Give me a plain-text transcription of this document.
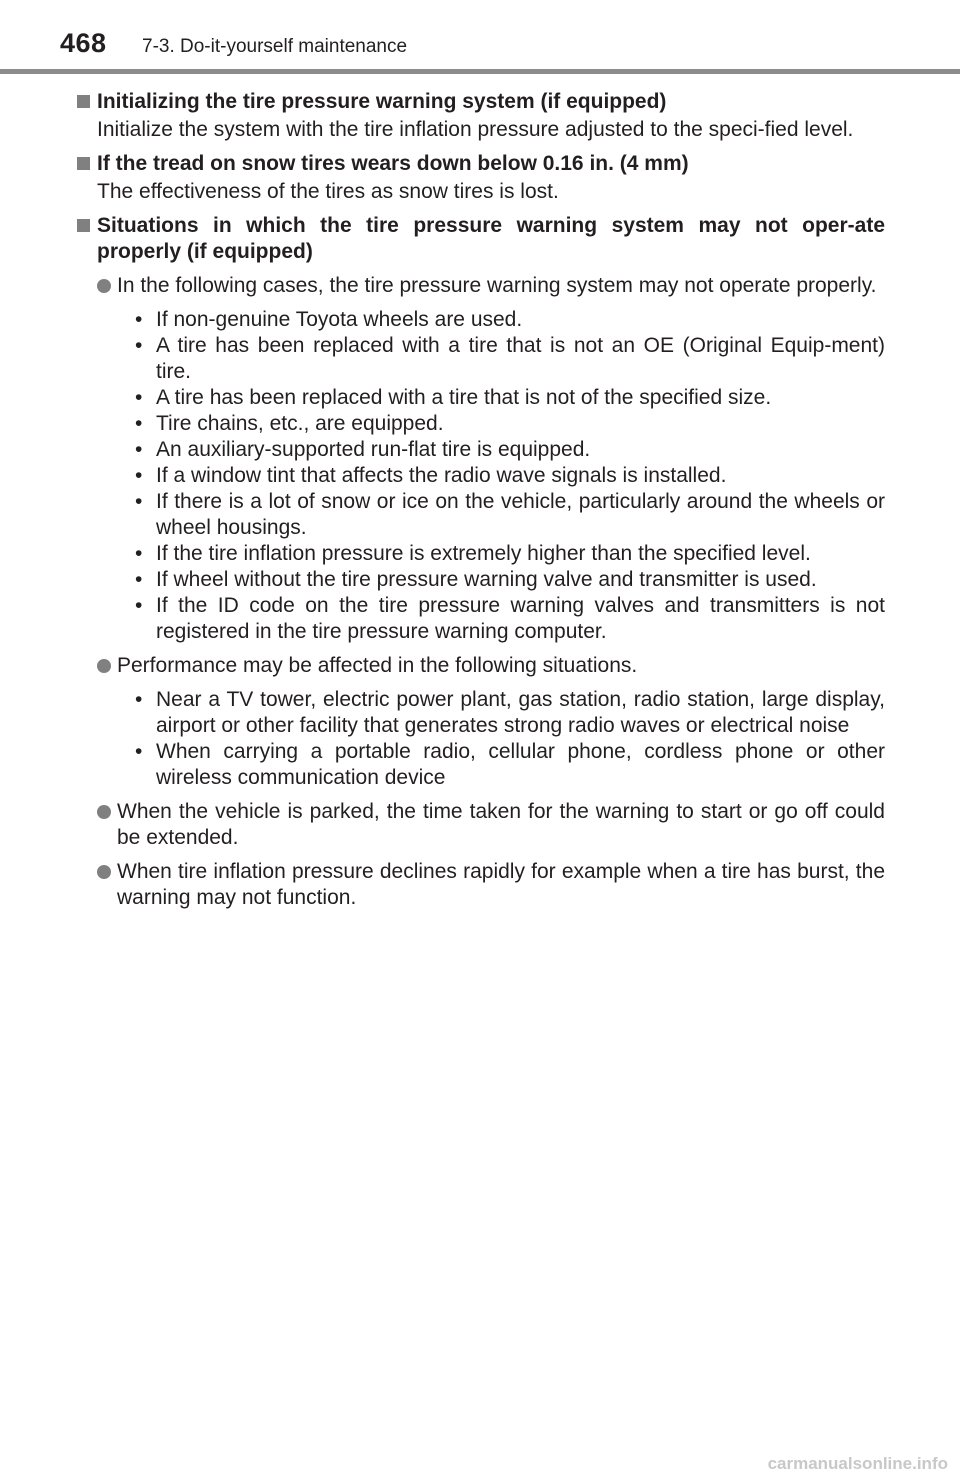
468 7-3. Do-it-yourself maintenance
Initializing the tire pressure warning system (if equipped)

Initialize the system with the tire inflation pressure adjusted to the speci-fied level.

If the tread on snow tires wears down below 0.16 in. (4 mm)

The effectiveness of the tires as snow tires is lost.

Situations in which the tire pressure warning system may not oper-ate properly (if equipped)
In the following cases, the tire pressure warning system may not operate properly.
• If non-genuine Toyota wheels are used.
• A tire has been replaced with a tire that is not an OE (Original Equip-ment) tire.
• A tire has been replaced with a tire that is not of the specified size.
• Tire chains, etc., are equipped.
• An auxiliary-supported run-flat tire is equipped.
• If a window tint that affects the radio wave signals is installed.
• If there is a lot of snow or ice on the vehicle, particularly around the wheels or wheel housings.
• If the tire inflation pressure is extremely higher than the specified level.
• If wheel without the tire pressure warning valve and transmitter is used.
• If the ID code on the tire pressure warning valves and transmitters is not registered in the tire pressure warning computer.
Performance may be affected in the following situations.
• Near a TV tower, electric power plant, gas station, radio station, large display, airport or other facility that generates strong radio waves or electrical noise
• When carrying a portable radio, cellular phone, cordless phone or other wireless communication device
When the vehicle is parked, the time taken for the warning to start or go off could be extended.
When tire inflation pressure declines rapidly for example when a tire has burst, the warning may not function.
carmanualsonline.info
